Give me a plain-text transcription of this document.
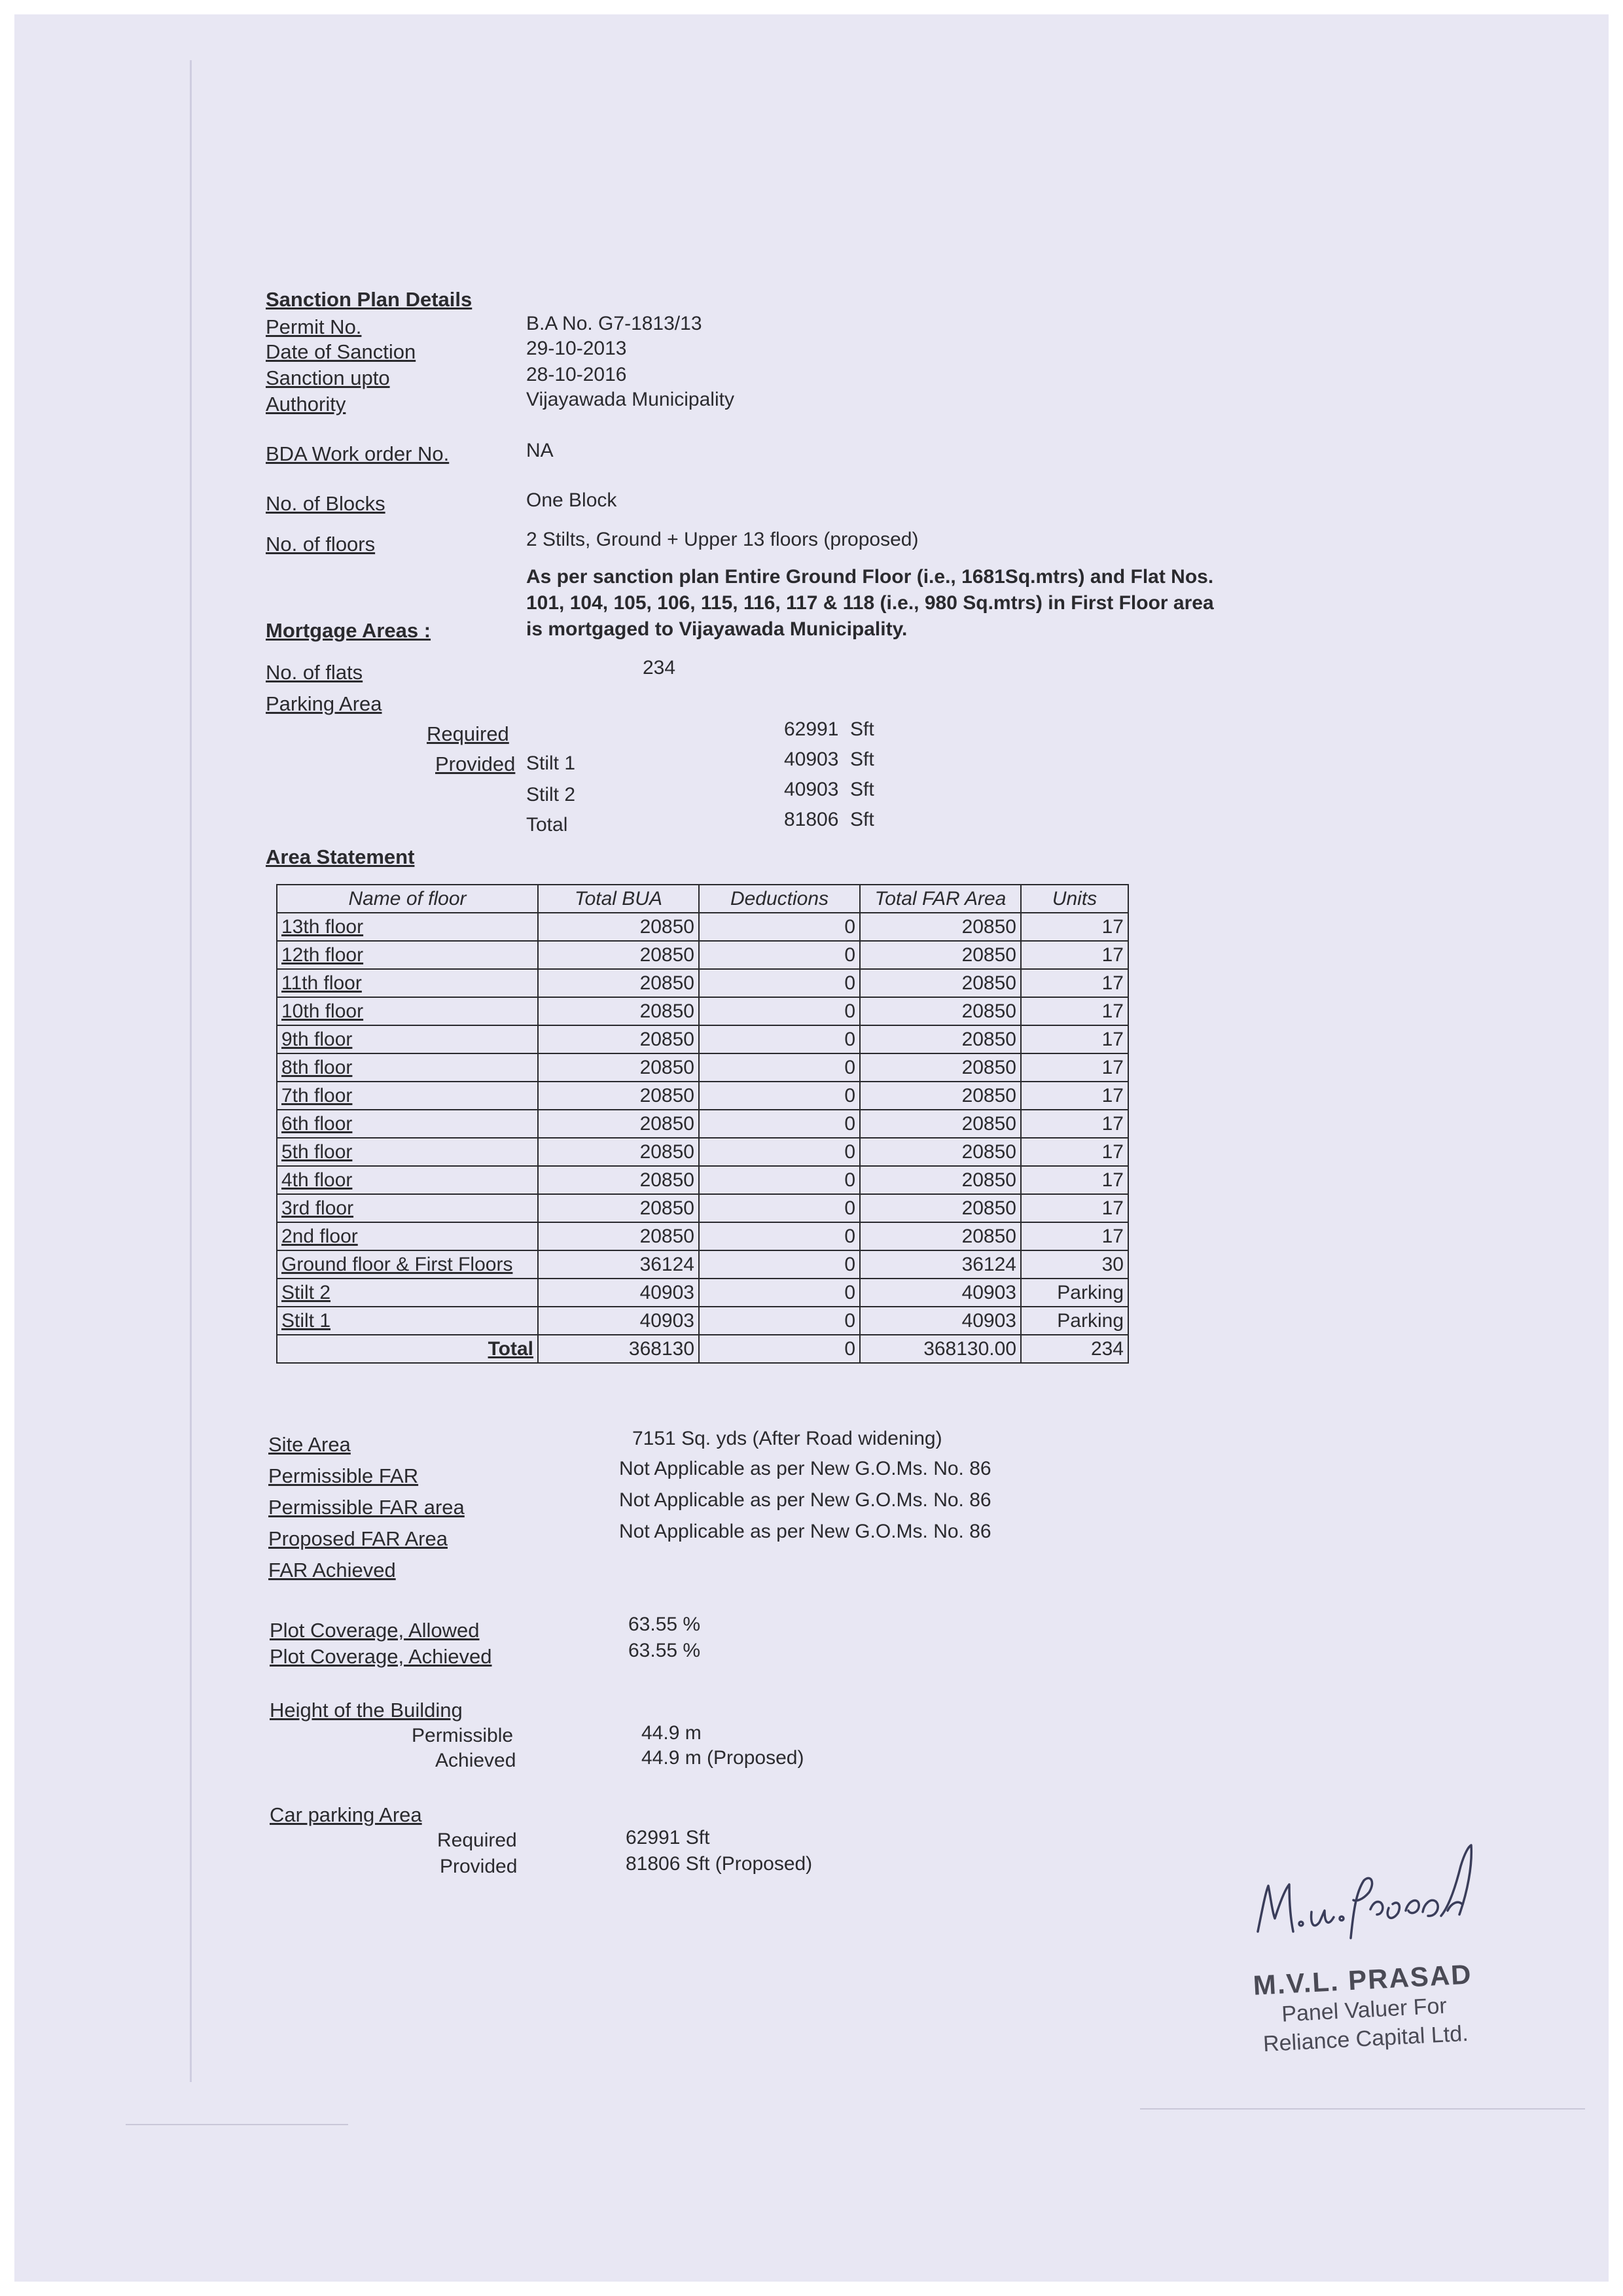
Sanction Plan Details
Permit No.	B.A No. G7-1813/13
Date of Sanction	29-10-2013
Sanction upto	28-10-2016
Authority	Vijayawada Municipality
BDA Work order No.	NA
No. of Blocks	One Block
No. of floors	2 Stilts, Ground + Upper 13 floors (proposed)
As per sanction plan Entire Ground Floor (i.e., 1681Sq.mtrs) and Flat Nos.
101, 104, 105, 106, 115, 116, 117 & 118 (i.e., 980 Sq.mtrs) in First Floor area
is mortgaged to Vijayawada Municipality.
Mortgage Areas :
No. of flats	234
Parking Area
Required	62991 Sft
Provided Stilt 1	40903 Sft
Stilt 2	40903 Sft
Total	81806 Sft
Area Statement
Name of floor	Total BUA	Deductions	Total FAR Area	Units
13th floor	20850	0	20850	17
12th floor	20850	0	20850	17
11th floor	20850	0	20850	17
10th floor	20850	0	20850	17
9th floor	20850	0	20850	17
8th floor	20850	0	20850	17
7th floor	20850	0	20850	17
6th floor	20850	0	20850	17
5th floor	20850	0	20850	17
4th floor	20850	0	20850	17
3rd floor	20850	0	20850	17
2nd floor	20850	0	20850	17
Ground floor & First Floors	36124	0	36124	30
Stilt 2	40903	0	40903	Parking
Stilt 1	40903	0	40903	Parking
Total	368130	0	368130.00	234
Site Area	7151 Sq. yds (After Road widening)
Permissible FAR	Not Applicable as per New G.O.Ms. No. 86
Permissible FAR area	Not Applicable as per New G.O.Ms. No. 86
Proposed FAR Area	Not Applicable as per New G.O.Ms. No. 86
FAR Achieved
Plot Coverage, Allowed	63.55 %
Plot Coverage, Achieved	63.55 %
Height of the Building
Permissible	44.9 m
Achieved	44.9 m (Proposed)
Car parking Area
Required	62991 Sft
Provided	81806 Sft (Proposed)
M.V.L. PRASAD
Panel Valuer For
Reliance Capital Ltd.
